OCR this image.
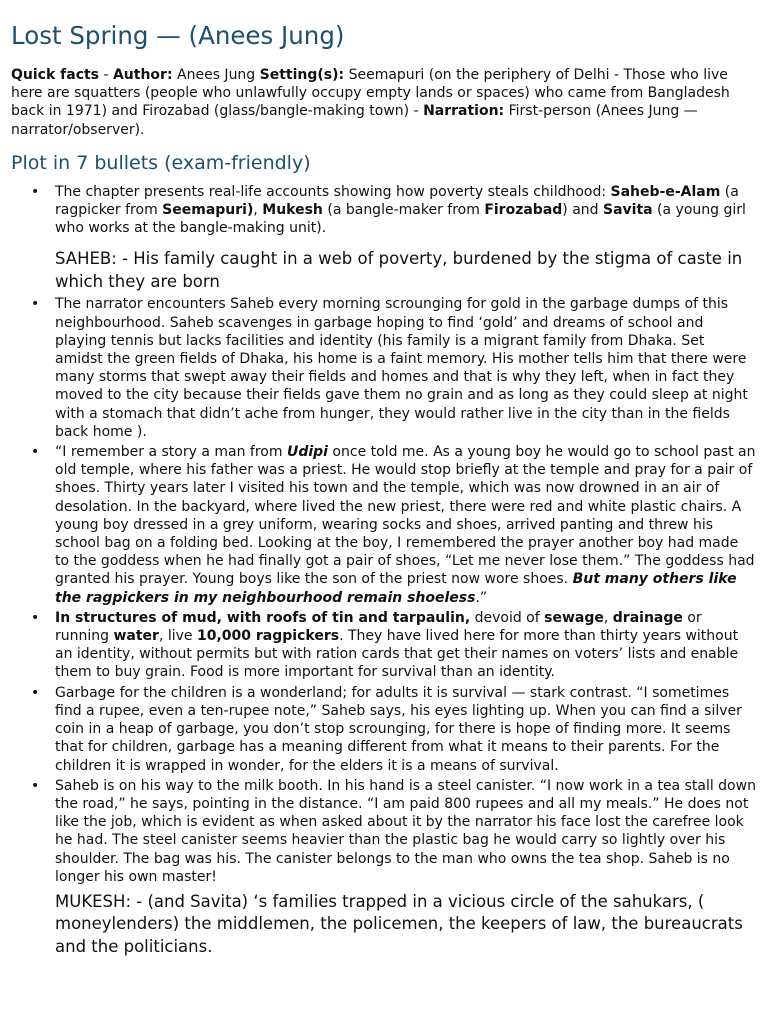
Lost Spring — (Anees Jung)

Quick facts - Author: Anees Jung Setting(s): Seemapuri (on the periphery of Delhi - Those who live here are squatters (people who unlawfully occupy empty lands or spaces) who came from Bangladesh back in 1971) and Firozabad (glass/bangle-making town) - Narration: First-person (Anees Jung — narrator/observer).

Plot in 7 bullets (exam-friendly)
• The chapter presents real-life accounts showing how poverty steals childhood: Saheb-e-Alam (a ragpicker from Seemapuri), Mukesh (a bangle-maker from Firozabad) and Savita (a young girl who works at the bangle-making unit).
SAHEB: - His family caught in a web of poverty, burdened by the stigma of caste in which they are born
• The narrator encounters Saheb every morning scrounging for gold in the garbage dumps of this neighbourhood. Saheb scavenges in garbage hoping to find ‘gold’ and dreams of school and playing tennis but lacks facilities and identity (his family is a migrant family from Dhaka. Set amidst the green fields of Dhaka, his home is a faint memory. His mother tells him that there were many storms that swept away their fields and homes and that is why they left, when in fact they moved to the city because their fields gave them no grain and as long as they could sleep at night with a stomach that didn’t ache from hunger, they would rather live in the city than in the fields back home ).
• “I remember a story a man from Udipi once told me. As a young boy he would go to school past an old temple, where his father was a priest. He would stop briefly at the temple and pray for a pair of shoes. Thirty years later I visited his town and the temple, which was now drowned in an air of desolation. In the backyard, where lived the new priest, there were red and white plastic chairs. A young boy dressed in a grey uniform, wearing socks and shoes, arrived panting and threw his school bag on a folding bed. Looking at the boy, I remembered the prayer another boy had made to the goddess when he had finally got a pair of shoes, “Let me never lose them.” The goddess had granted his prayer. Young boys like the son of the priest now wore shoes. But many others like the ragpickers in my neighbourhood remain shoeless.”
• In structures of mud, with roofs of tin and tarpaulin, devoid of sewage, drainage or running water, live 10,000 ragpickers. They have lived here for more than thirty years without an identity, without permits but with ration cards that get their names on voters’ lists and enable them to buy grain. Food is more important for survival than an identity.
• Garbage for the children is a wonderland; for adults it is survival — stark contrast. “I sometimes find a rupee, even a ten-rupee note,” Saheb says, his eyes lighting up. When you can find a silver coin in a heap of garbage, you don’t stop scrounging, for there is hope of finding more. It seems that for children, garbage has a meaning different from what it means to their parents. For the children it is wrapped in wonder, for the elders it is a means of survival.
• Saheb is on his way to the milk booth. In his hand is a steel canister. “I now work in a tea stall down the road,” he says, pointing in the distance. “I am paid 800 rupees and all my meals.” He does not like the job, which is evident as when asked about it by the narrator his face lost the carefree look he had. The steel canister seems heavier than the plastic bag he would carry so lightly over his shoulder. The bag was his. The canister belongs to the man who owns the tea shop. Saheb is no longer his own master!
MUKESH: - (and Savita) ‘s families trapped in a vicious circle of the sahukars, ( moneylenders) the middlemen, the policemen, the keepers of law, the bureaucrats and the politicians.
